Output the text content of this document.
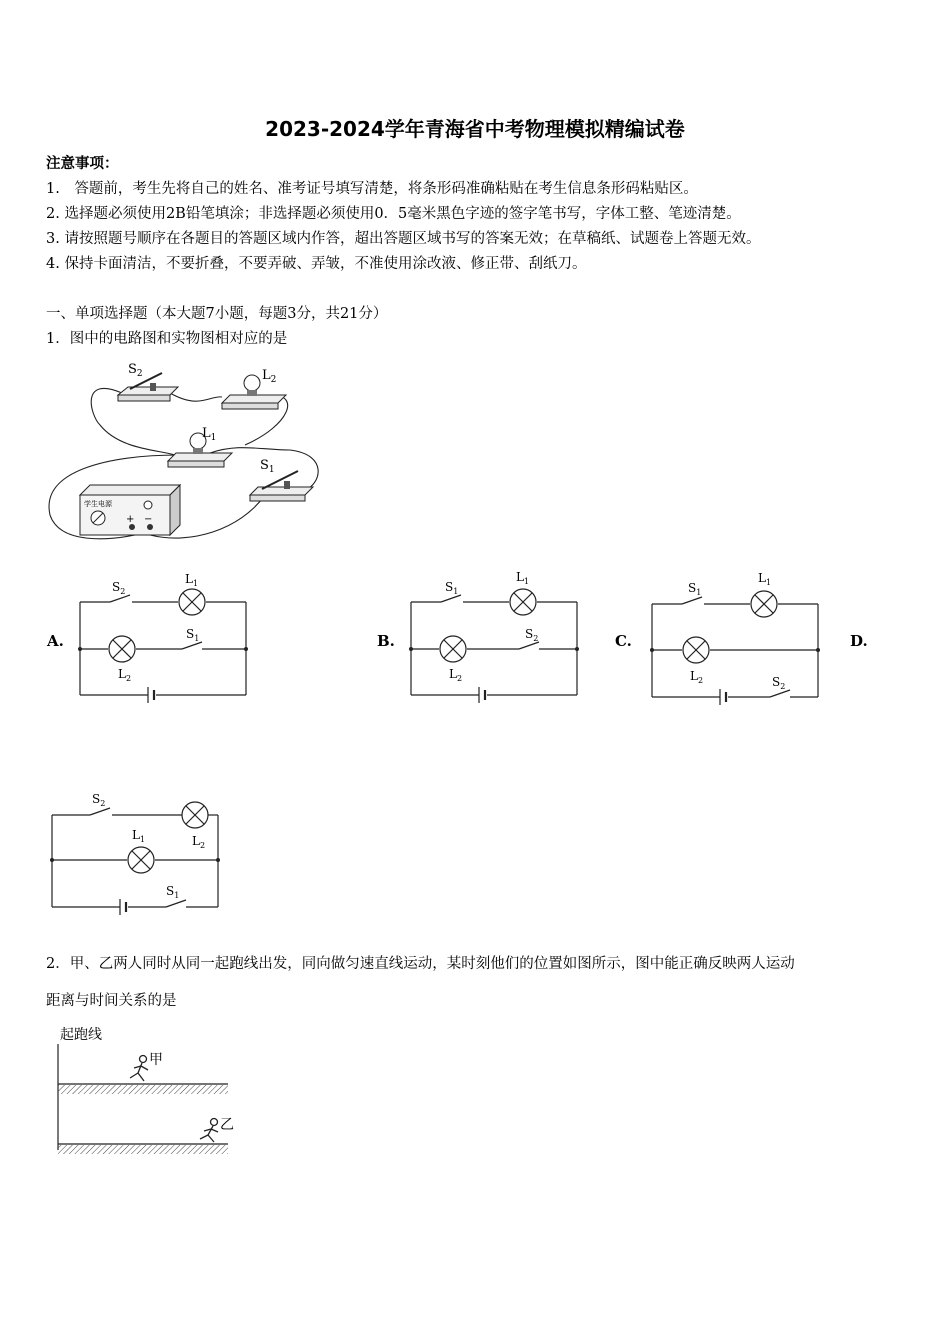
2023-2024学年青海省中考物理模拟精编试卷
注意事项：
1.　答题前，考生先将自己的姓名、准考证号填写清楚，将条形码准确粘贴在考生信息条形码粘贴区。
2. 选择题必须使用2B铅笔填涂；非选择题必须使用0．5毫米黑色字迹的签字笔书写，字体工整、笔迹清楚。
3. 请按照题号顺序在各题目的答题区域内作答，超出答题区域书写的答案无效；在草稿纸、试题卷上答题无效。
4. 保持卡面清洁，不要折叠，不要弄破、弄皱，不准使用涂改液、修正带、刮纸刀。
一、单项选择题（本大题7小题，每题3分，共21分）
1．图中的电路图和实物图相对应的是
$S_2$	$L_2$
$L_1$
$S_1$
学生电源
+ −
A.	B.	C.	D.
$S_2$
$L_1$
$S_1$
$L_2$
$S_1$
$L_1$
$S_2$
$L_2$
$S_1$
$L_1$
$L_2$	$S_2$
$S_2$
$L_1$	$L_2$
$S_1$
2．甲、乙两人同时从同一起跑线出发，同向做匀速直线运动，某时刻他们的位置如图所示，图中能正确反映两人运动
距离与时间关系的是
起跑线
甲
乙
